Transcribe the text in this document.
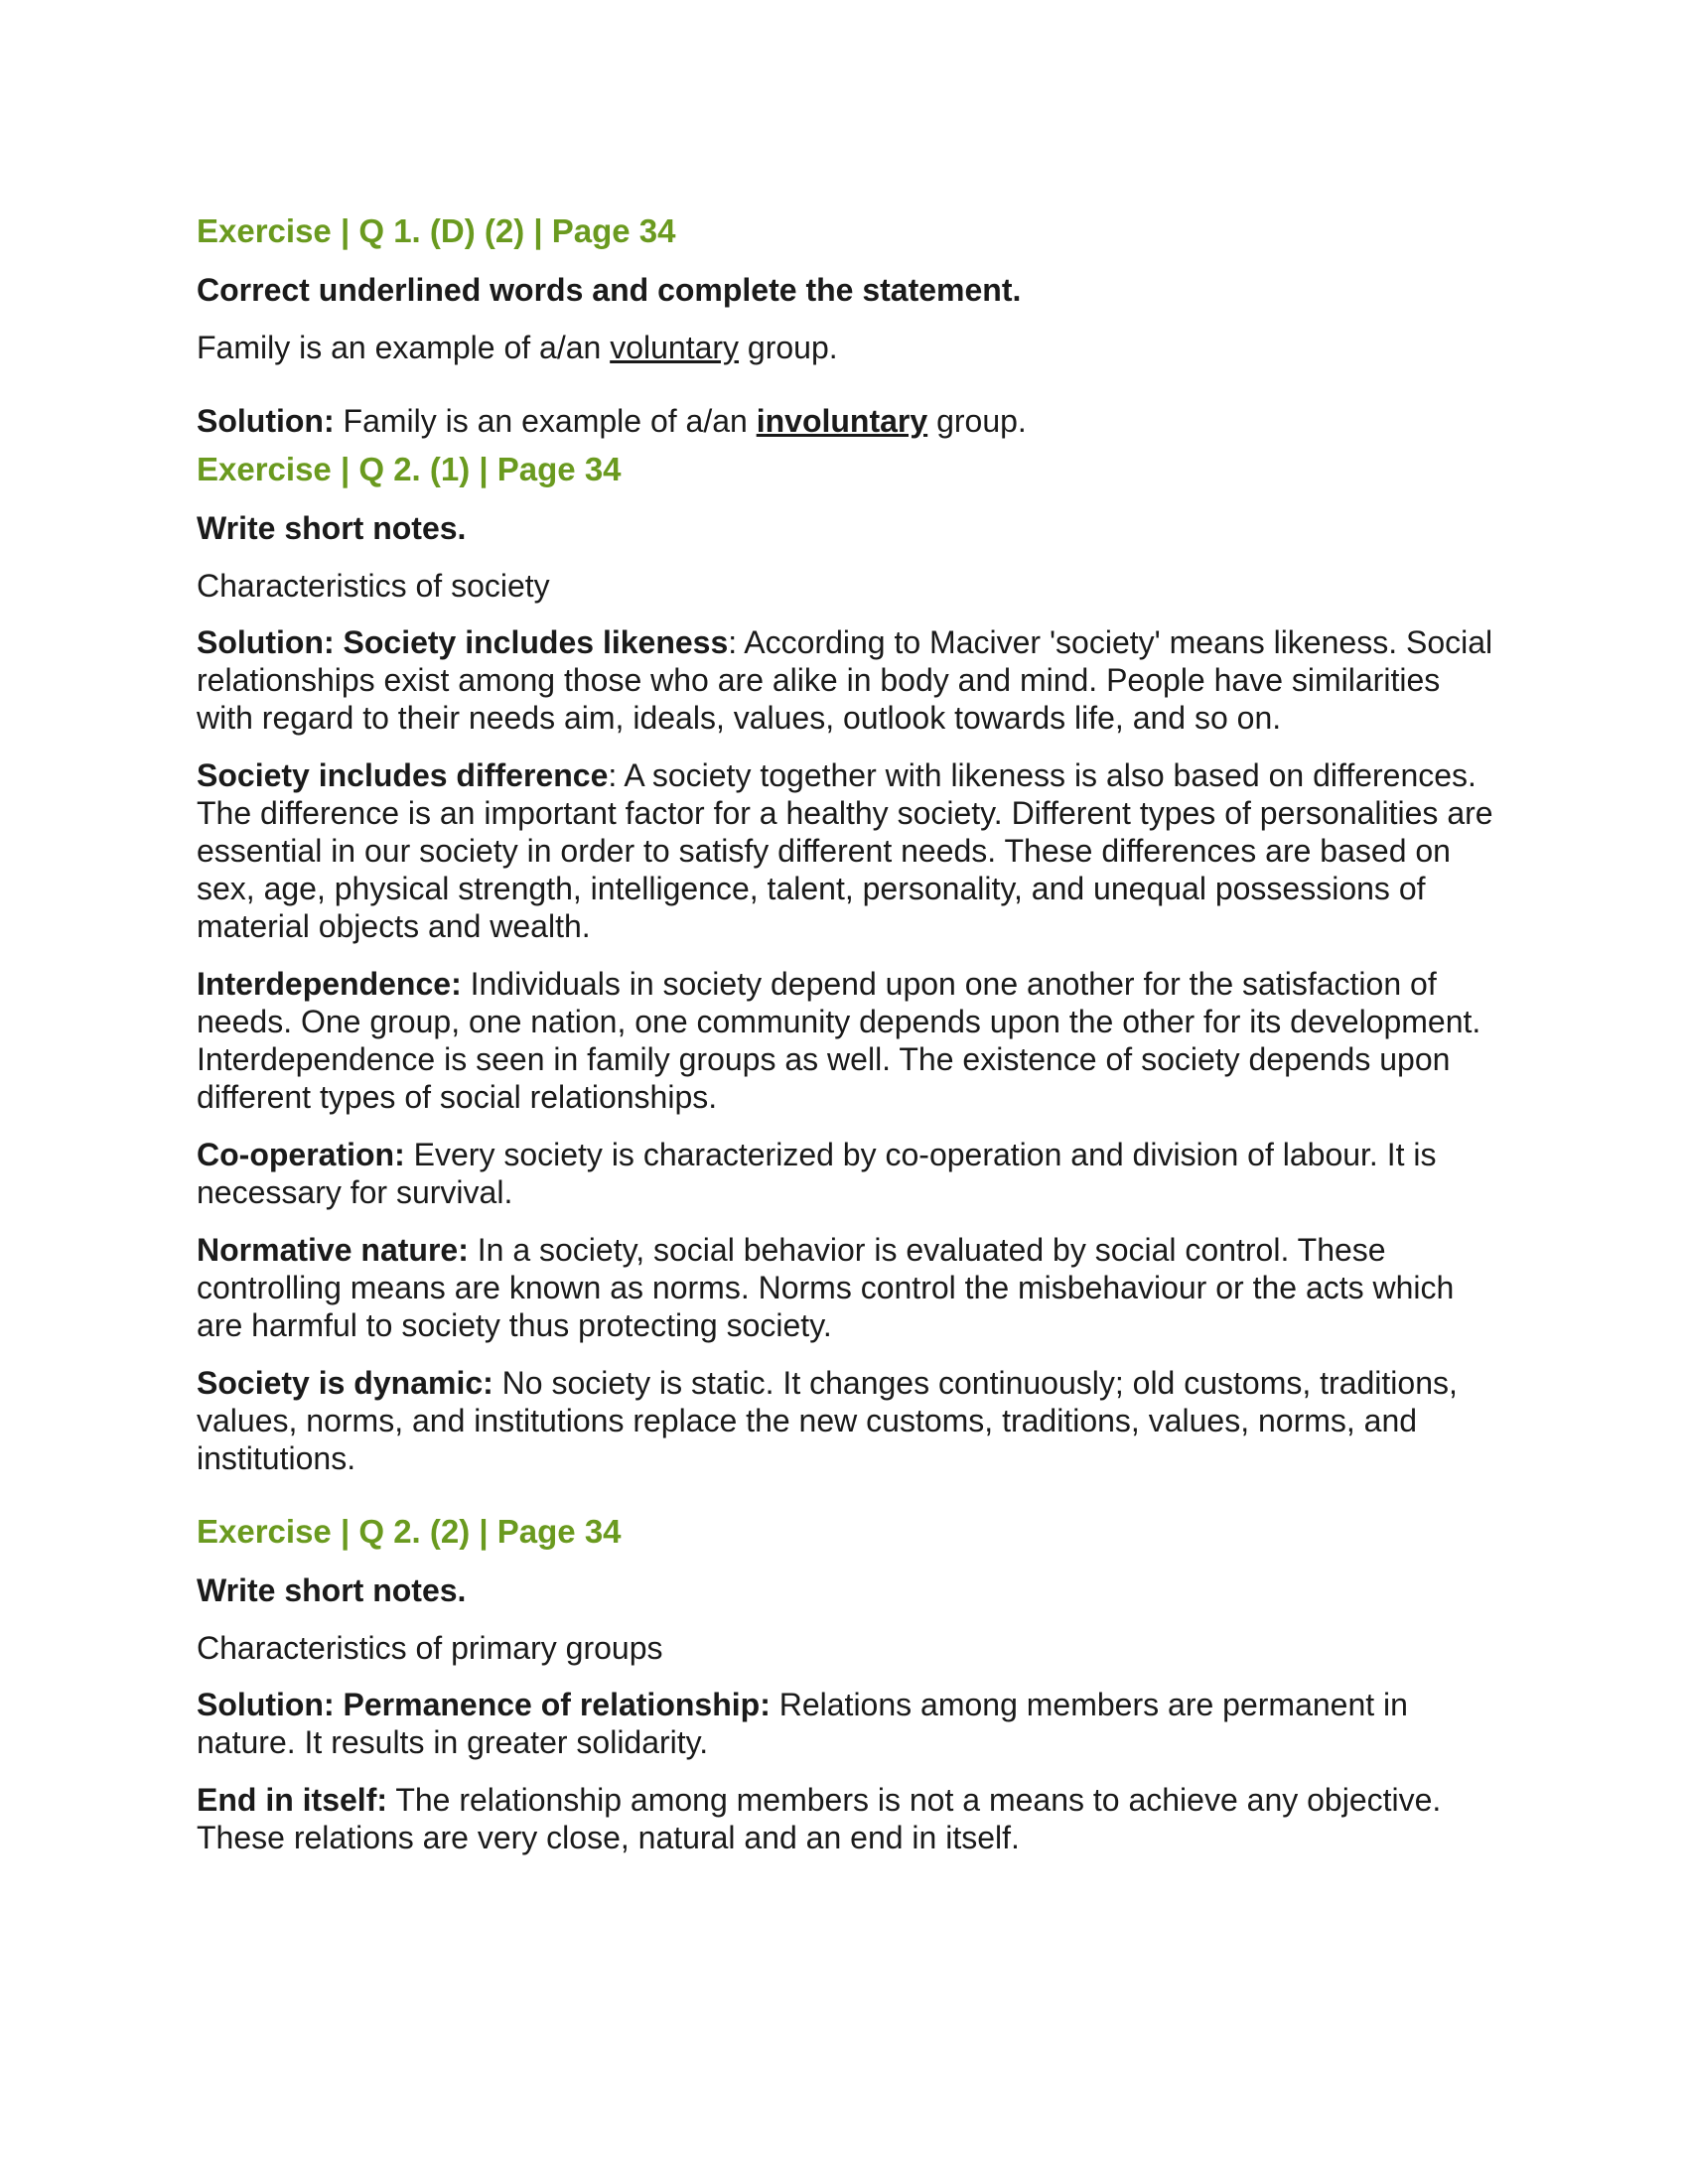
Exercise | Q 1. (D) (2) | Page 34
Correct underlined words and complete the statement.
Family is an example of a/an voluntary group.
Solution: Family is an example of a/an involuntary group.
Exercise | Q 2. (1) | Page 34
Write short notes.
Characteristics of society

Solution: Society includes likeness: According to Maciver 'society' means likeness. Social relationships exist among those who are alike in body and mind. People have similarities with regard to their needs aim, ideals, values, outlook towards life, and so on.

Society includes difference: A society together with likeness is also based on differences. The difference is an important factor for a healthy society. Different types of personalities are essential in our society in order to satisfy different needs. These differences are based on sex, age, physical strength, intelligence, talent, personality, and unequal possessions of material objects and wealth.

Interdependence: Individuals in society depend upon one another for the satisfaction of needs. One group, one nation, one community depends upon the other for its development. Interdependence is seen in family groups as well. The existence of society depends upon different types of social relationships.

Co-operation: Every society is characterized by co-operation and division of labour. It is necessary for survival.

Normative nature: In a society, social behavior is evaluated by social control. These controlling means are known as norms. Norms control the misbehaviour or the acts which are harmful to society thus protecting society.

Society is dynamic: No society is static. It changes continuously; old customs, traditions, values, norms, and institutions replace the new customs, traditions, values, norms, and institutions.

Exercise | Q 2. (2) | Page 34
Write short notes.
Characteristics of primary groups

Solution: Permanence of relationship: Relations among members are permanent in nature. It results in greater solidarity.

End in itself: The relationship among members is not a means to achieve any objective. These relations are very close, natural and an end in itself.
